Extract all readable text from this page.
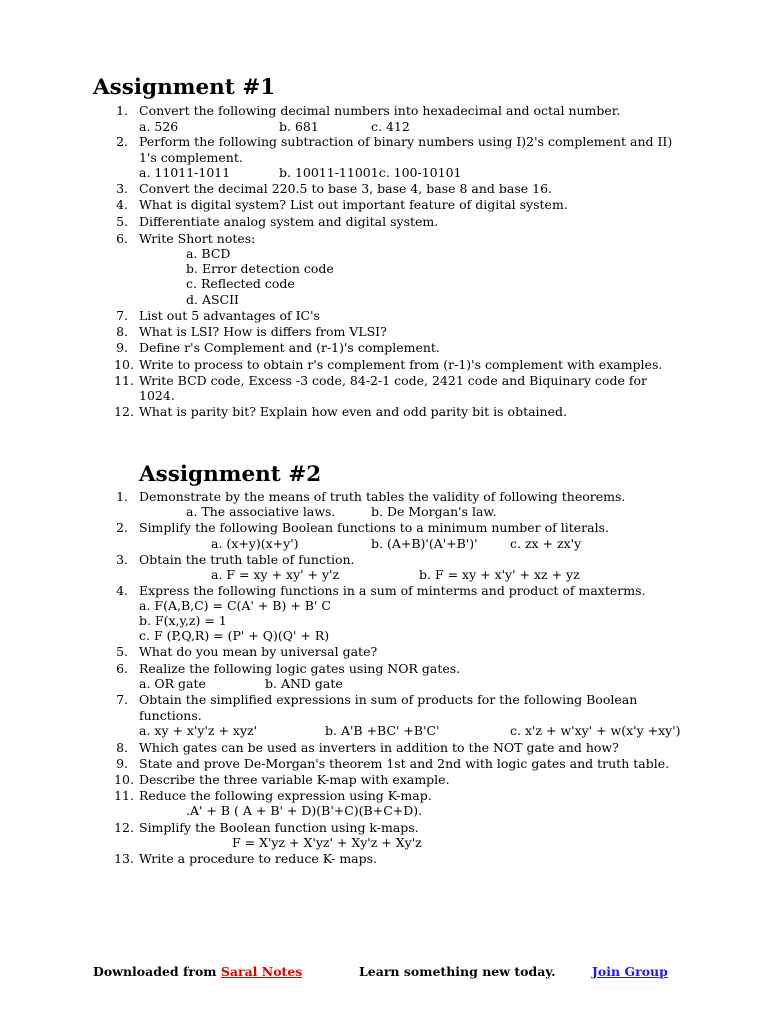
Assignment #1
1. Convert the following decimal numbers into hexadecimal and octal number.
a. 526	b. 681	c. 412
2. Perform the following subtraction of binary numbers using I)2's complement and II)
1's complement.
a. 11011-1011	b. 10011-11001c. 100-10101
3. Convert the decimal 220.5 to base 3, base 4, base 8 and base 16.
4. What is digital system? List out important feature of digital system.
5. Differentiate analog system and digital system.
6. Write Short notes:
a. BCD
b. Error detection code
c. Reflected code
d. ASCII
7. List out 5 advantages of IC's
8. What is LSI? How is differs from VLSI?
9. Define r's Complement and (r-1)'s complement.
10. Write to process to obtain r's complement from (r-1)'s complement with examples.
11. Write BCD code, Excess -3 code, 84-2-1 code, 2421 code and Biquinary code for
1024.
12. What is parity bit? Explain how even and odd parity bit is obtained.
Assignment #2
1. Demonstrate by the means of truth tables the validity of following theorems.
a. The associative laws.	b. De Morgan's law.
2. Simplify the following Boolean functions to a minimum number of literals.
a. (x+y)(x+y')	b. (A+B)'(A'+B')'	c. zx + zx'y
3. Obtain the truth table of function.
a. F = xy + xy' + y'z	b. F = xy + x'y' + xz + yz
4. Express the following functions in a sum of minterms and product of maxterms.
a. F(A,B,C) = C(A' + B) + B' C
b. F(x,y,z) = 1
c. F (P,Q,R) = (P' + Q)(Q' + R)
5. What do you mean by universal gate?
6. Realize the following logic gates using NOR gates.
a. OR gate	b. AND gate
7. Obtain the simplified expressions in sum of products for the following Boolean
functions.
a. xy + x'y'z + xyz'	b. A'B +BC' +B'C'	c. x'z + w'xy' + w(x'y +xy')
8. Which gates can be used as inverters in addition to the NOT gate and how?
9. State and prove De-Morgan's theorem 1st and 2nd with logic gates and truth table.
10. Describe the three variable K-map with example.
11. Reduce the following expression using K-map.
.A' + B ( A + B' + D)(B'+C)(B+C+D).
12. Simplify the Boolean function using k-maps.
F = X'yz + X'yz' + Xy'z + Xy'z
13. Write a procedure to reduce K- maps.
Downloaded from Saral Notes	Learn something new today.	Join Group
